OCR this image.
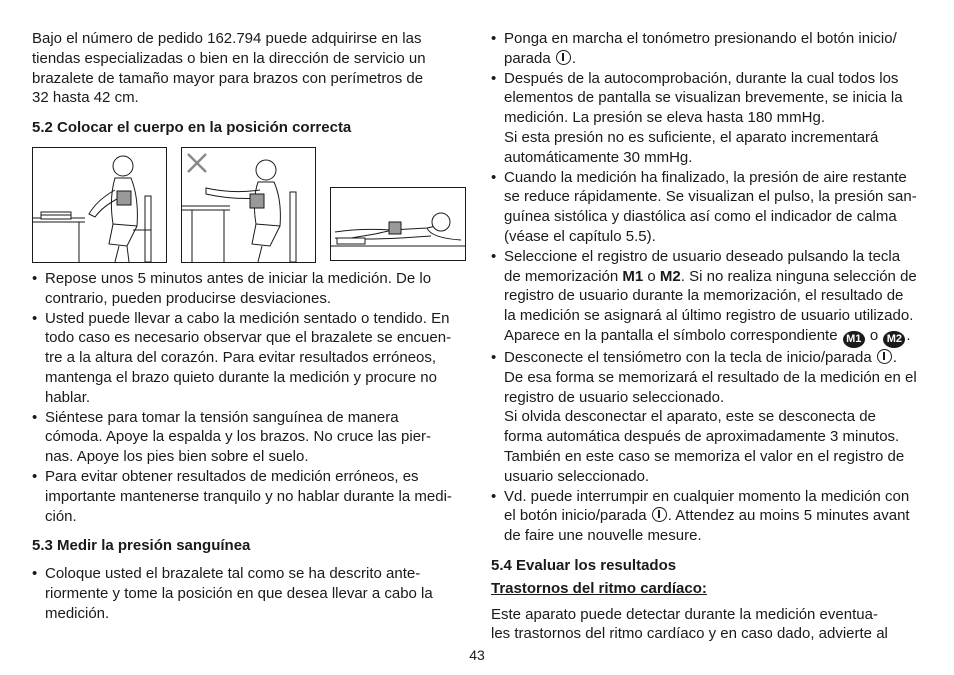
Bajo el número de pedido 162.794 puede adquirirse en las
tiendas especializadas o bien en la dirección de servicio un
brazalete de tamaño mayor para brazos con perímetros de
32 hasta 42 cm.

5.2 Colocar el cuerpo en la posición correcta

• Repose unos 5 minutos antes de iniciar la medición. De lo
contrario, pueden producirse desviaciones.
• Usted puede llevar a cabo la medición sentado o tendido. En
todo caso es necesario observar que el brazalete se encuen-
tre a la altura del corazón. Para evitar resultados erróneos,
mantenga el brazo quieto durante la medición y procure no
hablar.
• Siéntese para tomar la tensión sanguínea de manera
cómoda. Apoye la espalda y los brazos. No cruce las pier-
nas. Apoye los pies bien sobre el suelo.
• Para evitar obtener resultados de medición erróneos, es
importante mantenerse tranquilo y no hablar durante la medi-
ción.

5.3 Medir la presión sanguínea

• Coloque usted el brazalete tal como se ha descrito ante-
riormente y tome la posición en que desea llevar a cabo la
medición.
• Ponga en marcha el tonómetro presionando el botón inicio/
parada .
• Después de la autocomprobación, durante la cual todos los
elementos de pantalla se visualizan brevemente, se inicia la
medición. La presión se eleva hasta 180 mmHg.
Si esta presión no es suficiente, el aparato incrementará
automáticamente 30 mmHg.
• Cuando la medición ha finalizado, la presión de aire restante
se reduce rápidamente. Se visualizan el pulso, la presión san-
guínea sistólica y diastólica así como el indicador de calma
(véase el capítulo 5.5).
• Seleccione el registro de usuario deseado pulsando la tecla
de memorización M1 o M2. Si no realiza ninguna selección de
registro de usuario durante la memorización, el resultado de
la medición se asignará al último registro de usuario utilizado.
Aparece en la pantalla el símbolo correspondiente M1 o M2 .
• Desconecte el tensiómetro con la tecla de inicio/parada .
De esa forma se memorizará el resultado de la medición en el
registro de usuario seleccionado.
Si olvida desconectar el aparato, este se desconecta de
forma automática después de aproximadamente 3 minutos.
También en este caso se memoriza el valor en el registro de
usuario seleccionado.
• Vd. puede interrumpir en cualquier momento la medición con
el botón inicio/parada . Attendez au moins 5 minutes avant
de faire une nouvelle mesure.

5.4 Evaluar los resultados

Trastornos del ritmo cardíaco:

Este aparato puede detectar durante la medición eventua-
les trastornos del ritmo cardíaco y en caso dado, advierte al

43
